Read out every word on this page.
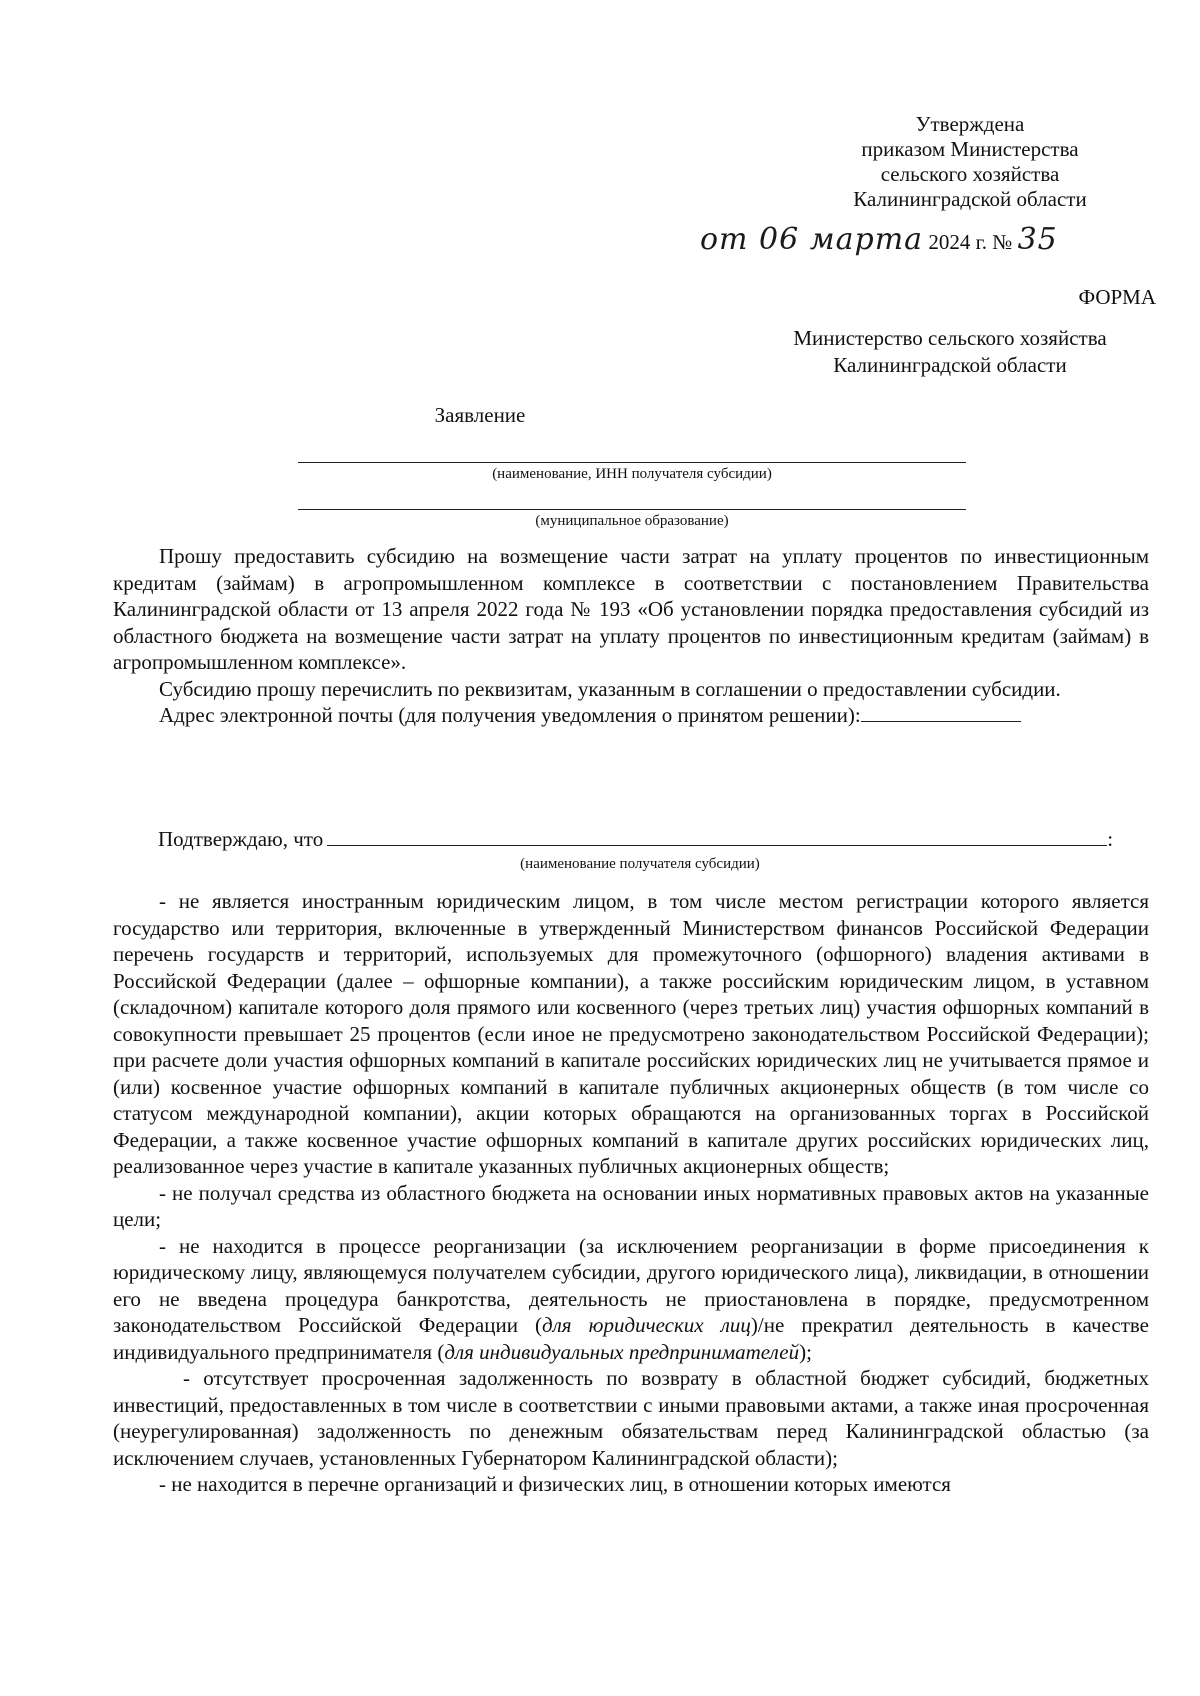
Утверждена
приказом Министерства
сельского хозяйства
Калининградской области
от 06 марта 2024 г. № 35
ФОРМА
Министерство сельского хозяйства
Калининградской области
Заявление
(наименование, ИНН получателя субсидии)
(муниципальное образование)

Прошу предоставить субсидию на возмещение части затрат на уплату процентов по инвестиционным кредитам (займам) в агропромышленном комплексе в соответствии с постановлением Правительства Калининградской области от 13 апреля 2022 года № 193 «Об установлении порядка предоставления субсидий из областного бюджета на возмещение части затрат на уплату процентов по инвестиционным кредитам (займам) в агропромышленном комплексе».

Субсидию прошу перечислить по реквизитам, указанным в соглашении о предоставлении субсидии.

Адрес электронной почты (для получения уведомления о принятом решении):

Подтверждаю, что	:
(наименование получателя субсидии)

- не является иностранным юридическим лицом, в том числе местом регистрации которого является государство или территория, включенные в утвержденный Министерством финансов Российской Федерации перечень государств и территорий, используемых для промежуточного (офшорного) владения активами в Российской Федерации (далее – офшорные компании), а также российским юридическим лицом, в уставном (складочном) капитале которого доля прямого или косвенного (через третьих лиц) участия офшорных компаний в совокупности превышает 25 процентов (если иное не предусмотрено законодательством Российской Федерации); при расчете доли участия офшорных компаний в капитале российских юридических лиц не учитывается прямое и (или) косвенное участие офшорных компаний в капитале публичных акционерных обществ (в том числе со статусом международной компании), акции которых обращаются на организованных торгах в Российской Федерации, а также косвенное участие офшорных компаний в капитале других российских юридических лиц, реализованное через участие в капитале указанных публичных акционерных обществ;

- не получал средства из областного бюджета на основании иных нормативных правовых актов на указанные цели;

- не находится в процессе реорганизации (за исключением реорганизации в форме присоединения к юридическому лицу, являющемуся получателем субсидии, другого юридического лица), ликвидации, в отношении его не введена процедура банкротства, деятельность не приостановлена в порядке, предусмотренном законодательством Российской Федерации (для юридических лиц)/не прекратил деятельность в качестве индивидуального предпринимателя (для индивидуальных предпринимателей);

- отсутствует просроченная задолженность по возврату в областной бюджет субсидий, бюджетных инвестиций, предоставленных в том числе в соответствии с иными правовыми актами, а также иная просроченная (неурегулированная) задолженность по денежным обязательствам перед Калининградской областью (за исключением случаев, установленных Губернатором Калининградской области);

- не находится в перечне организаций и физических лиц, в отношении которых имеются
